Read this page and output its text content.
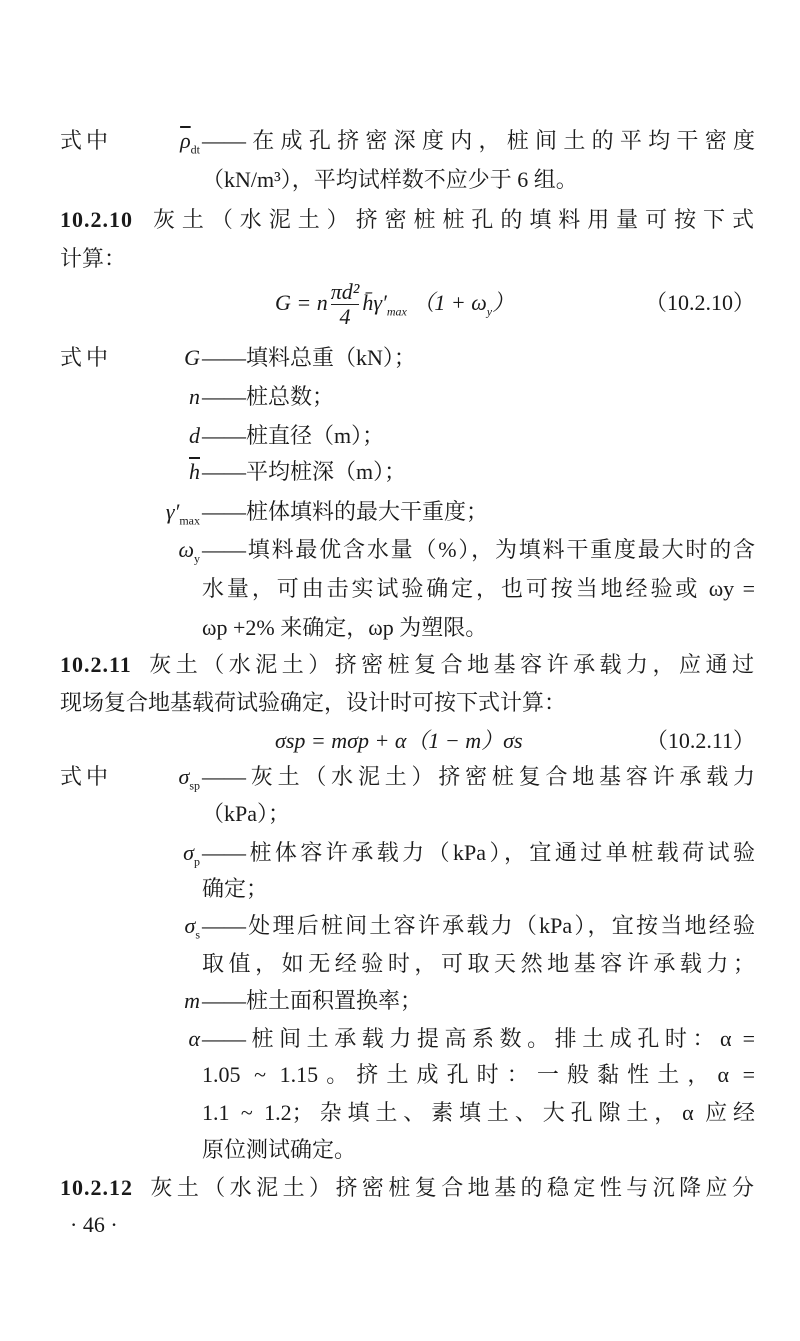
式中	$\overline{\rho}_{dt}$ ——在成孔挤密深度内，桩间土的平均干密度
（kN/m³），平均试样数不应少于 6 组。
10.2.10 灰土（水泥土）挤密桩桩孔的填料用量可按下式
计算：
G = n $\frac{\text{πd²}}{4}$ $h̄\gamma'_{max}$ $(1 + \omega_y)$	（10.2.10）
式中	G ——填料总重（kN）；
n ——桩总数；
d ——桩直径（m）；
$\overline{h}$ ——平均桩深（m）；
$\gamma'_{max}$ ——桩体填料的最大干重度；
$\omega_y$ ——填料最优含水量（%），为填料干重度最大时的含
水量，可由击实试验确定，也可按当地经验或 ωy =
ωp +2% 来确定，ωp 为塑限。
10.2.11 灰土（水泥土）挤密桩复合地基容许承载力，应通过
现场复合地基载荷试验确定，设计时可按下式计算：
σsp = mσp + α（1 − m）σs	（10.2.11）
式中	$\sigma_{sp}$ ——灰土（水泥土）挤密桩复合地基容许承载力
（kPa）；
$\sigma_p$ ——桩体容许承载力（kPa），宜通过单桩载荷试验
确定；
$\sigma_s$ ——处理后桩间土容许承载力（kPa），宜按当地经验
取值，如无经验时，可取天然地基容许承载力；
m ——桩土面积置换率；
α ——桩间土承载力提高系数。排土成孔时：α =
1.05 ~ 1.15。挤土成孔时：一般黏性土，α =
1.1 ~ 1.2；杂填土、素填土、大孔隙土，α 应经
原位测试确定。
10.2.12 灰土（水泥土）挤密桩复合地基的稳定性与沉降应分
· 46 ·
